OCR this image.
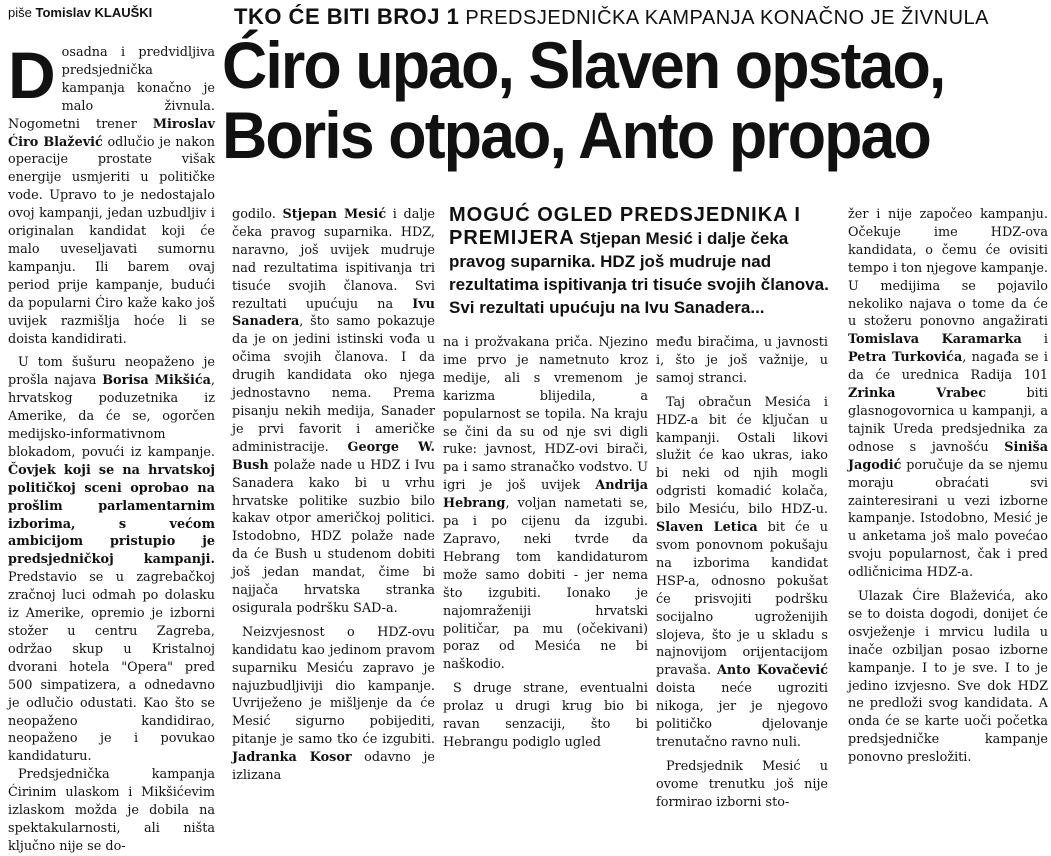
piše Tomislav KLAUŠKI	TKO ĆE BITI BROJ 1 PREDSJEDNIČKA KAMPANJA KONAČNO JE ŽIVNULA
Ćiro upao, Slaven opstao,
Boris otpao, Anto propao

Dosadna i predvidljiva predsjednička kampanja konačno je malo živnula. Nogometni trener Miroslav Ćiro Blažević odlučio je nakon operacije prostate višak energije usmjeriti u političke vode. Upravo to je nedostajalo ovoj kampanji, jedan uzbudljiv i originalan kandidat koji će malo uveseljavati sumornu kampanju. Ili barem ovaj period prije kampanje, budući da popularni Ćiro kaže kako još uvijek razmišlja hoće li se doista kandidirati.

U tom šušuru neopaženo je prošla najava Borisa Mikšića, hrvatskog poduzetnika iz Amerike, da će se, ogorčen medijsko-informativnom blokadom, povući iz kampanje. Čovjek koji se na hrvatskoj političkoj sceni oprobao na prošlim parlamentarnim izborima, s većom ambicijom pristupio je predsjedničkoj kampanji. Predstavio se u zagrebačkoj zračnoj luci odmah po dolasku iz Amerike, opremio je izborni stožer u centru Zagreba, održao skup u Kristalnoj dvorani hotela "Opera" pred 500 simpatizera, a odnedavno je odlučio odustati. Kao što se neopaženo kandidirao, neopaženo je i povukao kandidaturu.

Predsjednička kampanja Ćirinim ulaskom i Mikšićevim izlaskom možda je dobila na spektakularnosti, ali ništa ključno nije se do-

MOGUĆ OGLED PREDSJEDNIKA I PREMIJERA Stjepan Mesić i dalje čeka pravog suparnika. HDZ još mudruje nad rezultatima ispitivanja tri tisuće svojih članova. Svi rezultati upućuju na Ivu Sanadera...

godilo. Stjepan Mesić i dalje čeka pravog suparnika. HDZ, naravno, još uvijek mudruje nad rezultatima ispitivanja tri tisuće svojih članova. Svi rezultati upućuju na Ivu Sanadera, što samo pokazuje da je on jedini istinski vođa u očima svojih članova. I da drugih kandidata oko njega jednostavno nema. Prema pisanju nekih medija, Sanader je prvi favorit i američke administracije. George W. Bush polaže nade u HDZ i Ivu Sanadera kako bi u vrhu hrvatske politike suzbio bilo kakav otpor američkoj politici. Istodobno, HDZ polaže nade da će Bush u studenom dobiti još jedan mandat, čime bi najjača hrvatska stranka osigurala podršku SAD-a.

Neizvjesnost o HDZ-ovu kandidatu kao jedinom pravom suparniku Mesiću zapravo je najuzbudljiviji dio kampanje. Uvriježeno je mišljenje da će Mesić sigurno pobijediti, pitanje je samo tko će izgubiti. Jadranka Kosor odavno je izlizana

na i prožvakana priča. Njezino ime prvo je nametnuto kroz medije, ali s vremenom je karizma blijedila, a popularnost se topila. Na kraju se čini da su od nje svi digli ruke: javnost, HDZ-ovi birači, pa i samo stranačko vodstvo. U igri je još uvijek Andrija Hebrang, voljan nametati se, pa i po cijenu da izgubi. Zapravo, neki tvrde da Hebrang tom kandidaturom može samo dobiti - jer nema što izgubiti. Ionako je najomraženiji hrvatski političar, pa mu (očekivani) poraz od Mesića ne bi naškodio.

S druge strane, eventualni prolaz u drugi krug bio bi ravan senzaciji, što bi Hebrangu podiglo ugled

među biračima, u javnosti i, što je još važnije, u samoj stranci.

Taj obračun Mesića i HDZ-a bit će ključan u kampanji. Ostali likovi služit će kao ukras, iako bi neki od njih mogli odgristi komadić kolača, bilo Mesiću, bilo HDZ-u. Slaven Letica bit će u svom ponovnom pokušaju na izborima kandidat HSP-a, odnosno pokušat će prisvojiti podršku socijalno ugroženijih slojeva, što je u skladu s najnovijom orijentacijom pravaša. Anto Kovačević doista neće ugroziti nikoga, jer je njegovo političko djelovanje trenutačno ravno nuli.

Predsjednik Mesić u ovome trenutku još nije formirao izborni sto-

žer i nije započeo kampanju. Očekuje ime HDZ-ova kandidata, o čemu će ovisiti tempo i ton njegove kampanje. U medijima se pojavilo nekoliko najava o tome da će u stožeru ponovno angažirati Tomislava Karamarka i Petra Turkovića, nagađa se i da će urednica Radija 101 Zrinka Vrabec biti glasnogovornica u kampanji, a tajnik Ureda predsjednika za odnose s javnošću Siniša Jagodić poručuje da se njemu moraju obraćati svi zainteresirani u vezi izborne kampanje. Istodobno, Mesić je u anketama još malo povećao svoju popularnost, čak i pred odličnicima HDZ-a.

Ulazak Ćire Blaževića, ako se to doista dogodi, donijet će osvježenje i mrvicu ludila u inače ozbiljan posao izborne kampanje. I to je sve. I to je jedino izvjesno. Sve dok HDZ ne predloži svog kandidata. A onda će se karte uoči početka predsjedničke kampanje ponovno presložiti.
